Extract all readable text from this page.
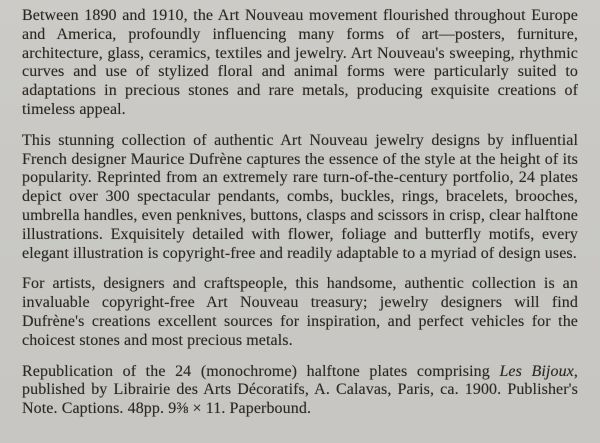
Between 1890 and 1910, the Art Nouveau movement flourished throughout Europe and America, profoundly influencing many forms of art—posters, furniture, architecture, glass, ceramics, textiles and jewelry. Art Nouveau's sweeping, rhythmic curves and use of stylized floral and animal forms were particularly suited to adaptations in precious stones and rare metals, producing exquisite creations of timeless appeal.

This stunning collection of authentic Art Nouveau jewelry designs by influential French designer Maurice Dufrène captures the essence of the style at the height of its popularity. Reprinted from an extremely rare turn-of-the-century portfolio, 24 plates depict over 300 spectacular pendants, combs, buckles, rings, bracelets, brooches, umbrella handles, even penknives, buttons, clasps and scissors in crisp, clear halftone illustrations. Exquisitely detailed with flower, foliage and butterfly motifs, every elegant illustration is copyright-free and readily adaptable to a myriad of design uses.

For artists, designers and craftspeople, this handsome, authentic collection is an invaluable copyright-free Art Nouveau treasury; jewelry designers will find Dufrène's creations excellent sources for inspiration, and perfect vehicles for the choicest stones and most precious metals.

Republication of the 24 (monochrome) halftone plates comprising Les Bijoux, published by Librairie des Arts Décoratifs, A. Calavas, Paris, ca. 1900. Publisher's Note. Captions. 48pp. 9⅜ × 11. Paperbound.
